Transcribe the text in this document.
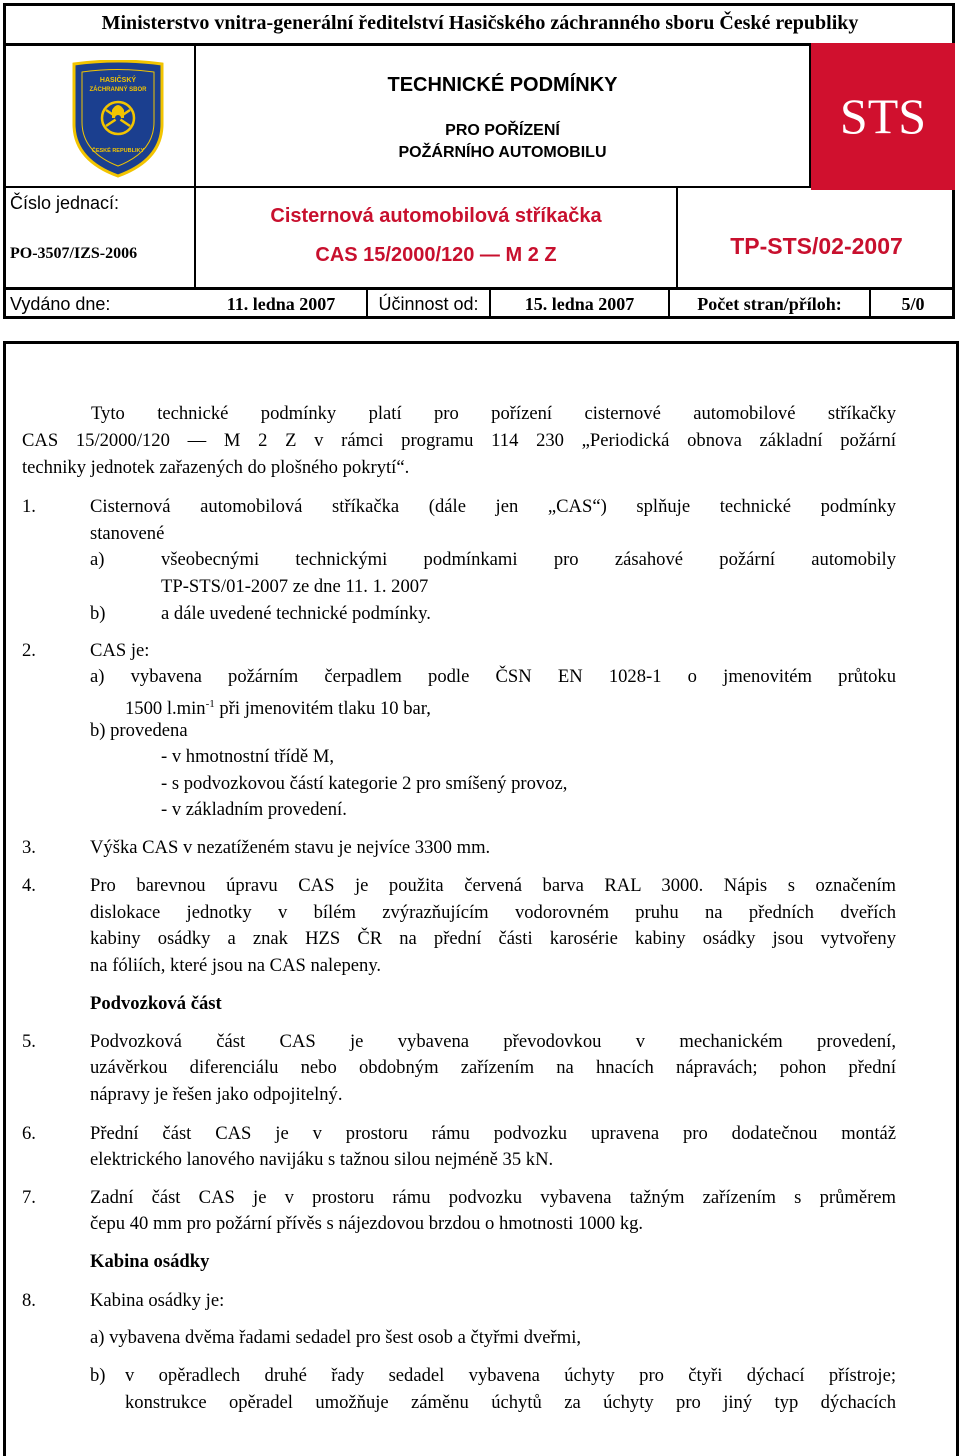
Ministerstvo vnitra-generální ředitelství Hasičského záchranného sboru České republiky
HASIČSKÝ
ZÁCHRANNÝ SBOR
ČESKÉ REPUBLIKY
TECHNICKÉ PODMÍNKY
PRO POŘÍZENÍ
POŽÁRNÍHO AUTOMOBILU
STS
Číslo jednací:
PO-3507/IZS-2006
Cisternová automobilová stříkačka
CAS 15/2000/120 — M 2 Z	TP-STS/02-2007
Vydáno dne:	11. ledna 2007	Účinnost od:	15. ledna 2007	Počet stran/příloh:	5/0
Tyto technické podmínky platí pro pořízení cisternové automobilové stříkačky
CAS 15/2000/120 — M 2 Z v rámci programu 114 230 „Periodická obnova základní požární
techniky jednotek zařazených do plošného pokrytí“.
1.	Cisternová automobilová stříkačka (dále jen „CAS“) splňuje technické podmínky
stanovené
a)	všeobecnými technickými podmínkami pro zásahové požární automobily
TP-STS/01-2007 ze dne 11. 1. 2007
b)	a dále uvedené technické podmínky.
2.	CAS je:
a) vybavena požárním čerpadlem podle ČSN EN 1028-1 o jmenovitém průtoku
1500 $l.\min^{-1}$ při jmenovitém tlaku 10 bar,
b) provedena
- v hmotnostní třídě M,
- s podvozkovou částí kategorie 2 pro smíšený provoz,
- v základním provedení.
3.	Výška CAS v nezatíženém stavu je nejvíce 3300 mm.
4.	Pro barevnou úpravu CAS je použita červená barva RAL 3000. Nápis s označením
dislokace jednotky v bílém zvýrazňujícím vodorovném pruhu na předních dveřích
kabiny osádky a znak HZS ČR na přední části karosérie kabiny osádky jsou vytvořeny
na fóliích, které jsou na CAS nalepeny.
Podvozková část
5.	Podvozková část CAS je vybavena převodovkou v mechanickém provedení,
uzávěrkou diferenciálu nebo obdobným zařízením na hnacích nápravách; pohon přední
nápravy je řešen jako odpojitelný.
6.	Přední část CAS je v prostoru rámu podvozku upravena pro dodatečnou montáž
elektrického lanového navijáku s tažnou silou nejméně 35 kN.
7.	Zadní část CAS je v prostoru rámu podvozku vybavena tažným zařízením s průměrem
čepu 40 mm pro požární přívěs s nájezdovou brzdou o hmotnosti 1000 kg.
Kabina osádky
8.	Kabina osádky je:
a) vybavena dvěma řadami sedadel pro šest osob a čtyřmi dveřmi,
b) v opěradlech druhé řady sedadel vybavena úchyty pro čtyři dýchací přístroje;
konstrukce opěradel umožňuje záměnu úchytů za úchyty pro jiný typ dýchacích
